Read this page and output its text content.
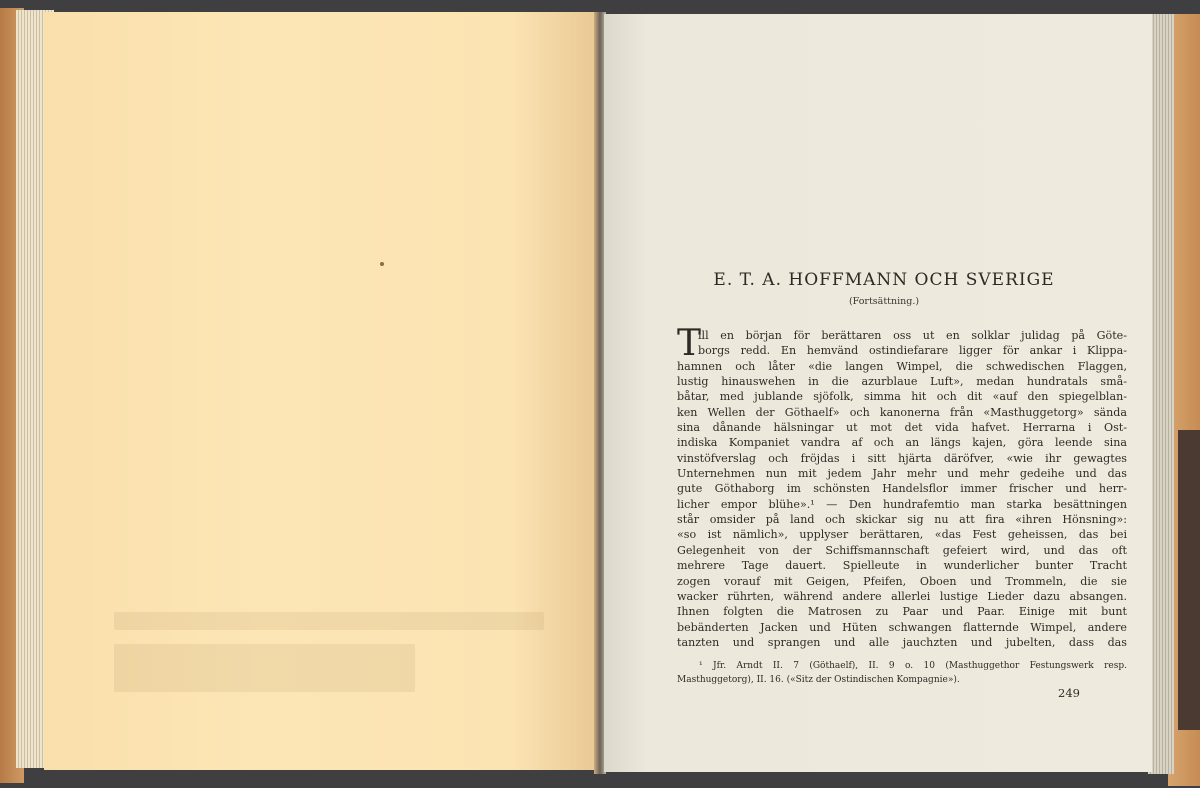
E. T. A. HOFFMANN OCH SVERIGE
(Fortsättning.)
T
ill en början för berättaren oss ut en solklar julidag på Göte-
borgs redd. En hemvänd ostindiefarare ligger för ankar i Klippa-
hamnen och låter «die langen Wimpel, die schwedischen Flaggen,
lustig hinauswehen in die azurblaue Luft», medan hundratals små-
båtar, med jublande sjöfolk, simma hit och dit «auf den spiegelblan-
ken Wellen der Göthaelf» och kanonerna från «Masthuggetorg» sända
sina dånande hälsningar ut mot det vida hafvet. Herrarna i Ost-
indiska Kompaniet vandra af och an längs kajen, göra leende sina
vinstöfverslag och fröjdas i sitt hjärta däröfver, «wie ihr gewagtes
Unternehmen nun mit jedem Jahr mehr und mehr gedeihe und das
gute Göthaborg im schönsten Handelsflor immer frischer und herr-
licher empor blühe».¹ — Den hundrafemtio man starka besättningen
står omsider på land och skickar sig nu att fira «ihren Hönsning»:
«so ist nämlich», upplyser berättaren, «das Fest geheissen, das bei
Gelegenheit von der Schiffsmannschaft gefeiert wird, und das oft
mehrere Tage dauert. Spielleute in wunderlicher bunter Tracht
zogen vorauf mit Geigen, Pfeifen, Oboen und Trommeln, die sie
wacker rührten, während andere allerlei lustige Lieder dazu absangen.
Ihnen folgten die Matrosen zu Paar und Paar. Einige mit bunt
bebänderten Jacken und Hüten schwangen flatternde Wimpel, andere
tanzten und sprangen und alle jauchzten und jubelten, dass das
¹ Jfr. Arndt II. 7 (Göthaelf), II. 9 o. 10 (Masthuggethor Festungswerk resp.
Masthuggetorg), II. 16. («Sitz der Ostindischen Kompagnie»).
249
